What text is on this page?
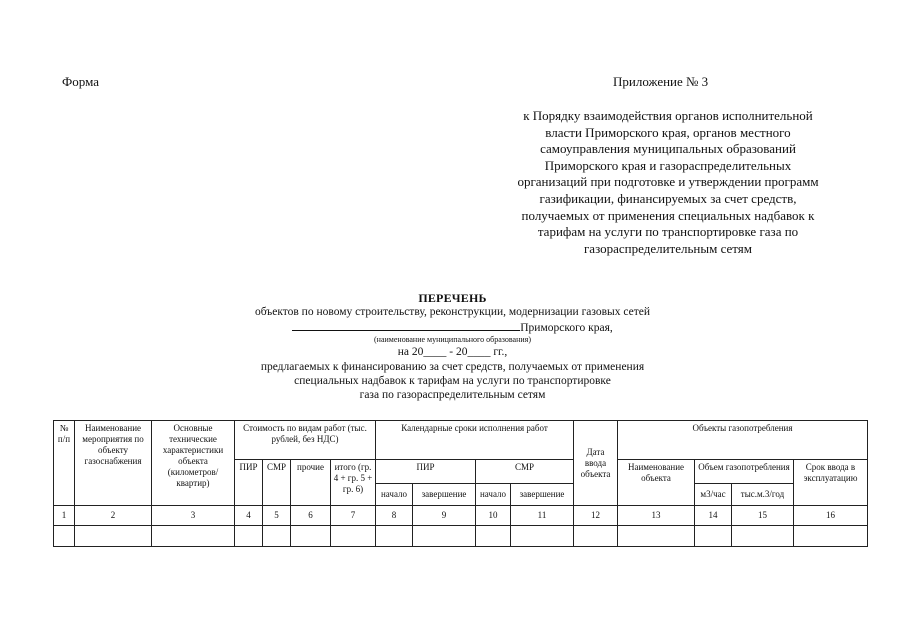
Форма	Приложение № 3
к Порядку взаимодействия органов исполнительной
власти Приморского края, органов местного
самоуправления муниципальных образований
Приморского края и газораспределительных
организаций при подготовке и утверждении программ
газификации, финансируемых за счет средств,
получаемых от применения специальных надбавок к
тарифам на услуги по транспортировке газа по
газораспределительным сетям
ПЕРЕЧЕНЬ
объектов по новому строительству, реконструкции, модернизации газовых сетей
Приморского края,
(наименование муниципального образования)
на 20____ - 20____ гг.,
предлагаемых к финансированию за счет средств, получаемых от применения
специальных надбавок к тарифам на услуги по транспортировке
газа по газораспределительным сетям
№ п/п	Наименование мероприятия по объекту газоснабжения	Основные технические характеристики объекта (километров/ квартир)	Стоимость по видам работ (тыс. рублей, без НДС)				Календарные сроки исполнения работ				Дата ввода объекта	Объекты газопотребления			
			ПИР	СМР	прочие	итого (гр. 4 + гр. 5 + гр. 6)	ПИР		СМР			Наименование объекта	Объем газопотребления		Срок ввода в эксплуатацию
							начало	завершение	начало	завершение			м3/час	тыс.м.3/год	
1	2	3	4	5	6	7	8	9	10	11	12	13	14	15	16
